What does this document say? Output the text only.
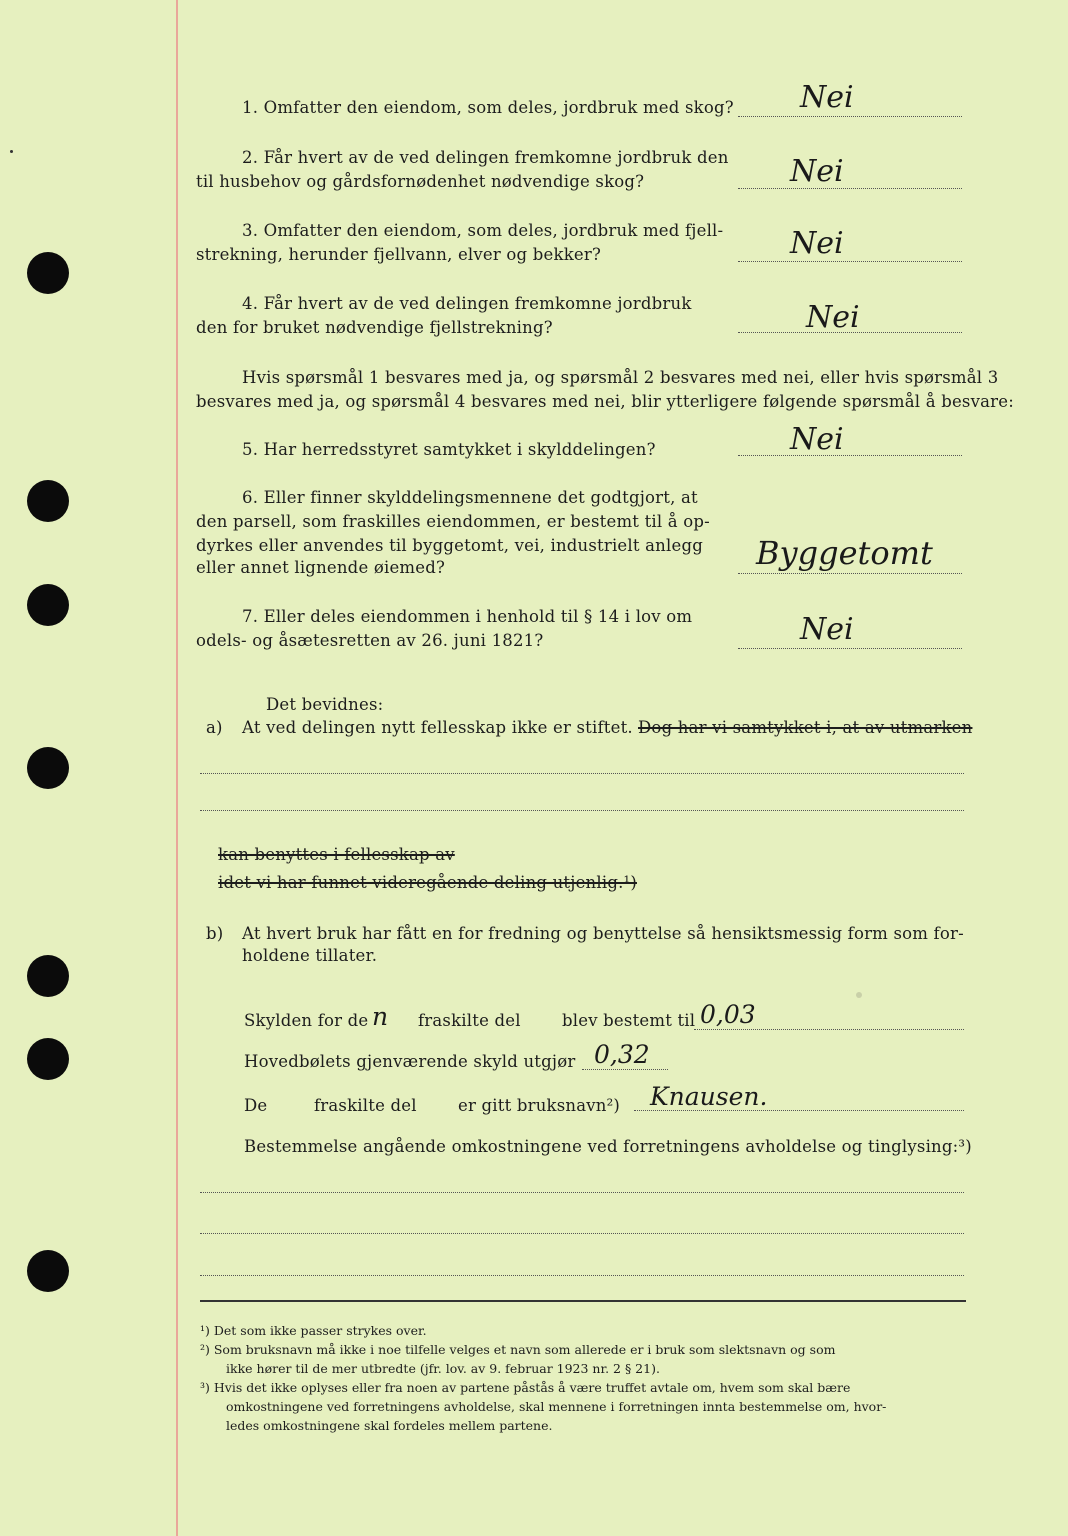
1. Omfatter den eiendom, som deles, jordbruk med skog? Nei
2. Får hvert av de ved delingen fremkomne jordbruk den
til husbehov og gårdsfornødenhet nødvendige skog?	Nei
3. Omfatter den eiendom, som deles, jordbruk med fjell-
strekning, herunder fjellvann, elver og bekker?	Nei
4. Får hvert av de ved delingen fremkomne jordbruk
den for bruket nødvendige fjellstrekning?	Nei
Hvis spørsmål 1 besvares med ja, og spørsmål 2 besvares med nei, eller hvis spørsmål 3
besvares med ja, og spørsmål 4 besvares med nei, blir ytterligere følgende spørsmål å besvare:
5. Har herredsstyret samtykket i skylddelingen?	Nei
6. Eller finner skylddelingsmennene det godtgjort, at
den parsell, som fraskilles eiendommen, er bestemt til å op-
dyrkes eller anvendes til byggetomt, vei, industrielt anlegg
eller annet lignende øiemed?	Byggetomt
7. Eller deles eiendommen i henhold til § 14 i lov om
odels- og åsætesretten av 26. juni 1821?	Nei
Det bevidnes:
a) At ved delingen nytt fellesskap ikke er stiftet. Dog har vi samtykket i, at av utmarken
kan benyttes i fellesskap av
idet vi har funnet videregående deling utjenlig.¹)
b) At hvert bruk har fått en for fredning og benyttelse så hensiktsmessig form som for-
holdene tillater.
Skylden for de n fraskilte del	blev bestemt til 0,03
Hovedbølets gjenværende skyld utgjør 0,32
De	fraskilte del	er gitt bruksnavn²) Knausen.
Bestemmelse angående omkostningene ved forretningens avholdelse og tinglysing:³)
¹) Det som ikke passer strykes over.
²) Som bruksnavn må ikke i noe tilfelle velges et navn som allerede er i bruk som slektsnavn og som
ikke hører til de mer utbredte (jfr. lov. av 9. februar 1923 nr. 2 § 21).
³) Hvis det ikke oplyses eller fra noen av partene påstås å være truffet avtale om, hvem som skal bære
omkostningene ved forretningens avholdelse, skal mennene i forretningen innta bestemmelse om, hvor-
ledes omkostningene skal fordeles mellem partene.
